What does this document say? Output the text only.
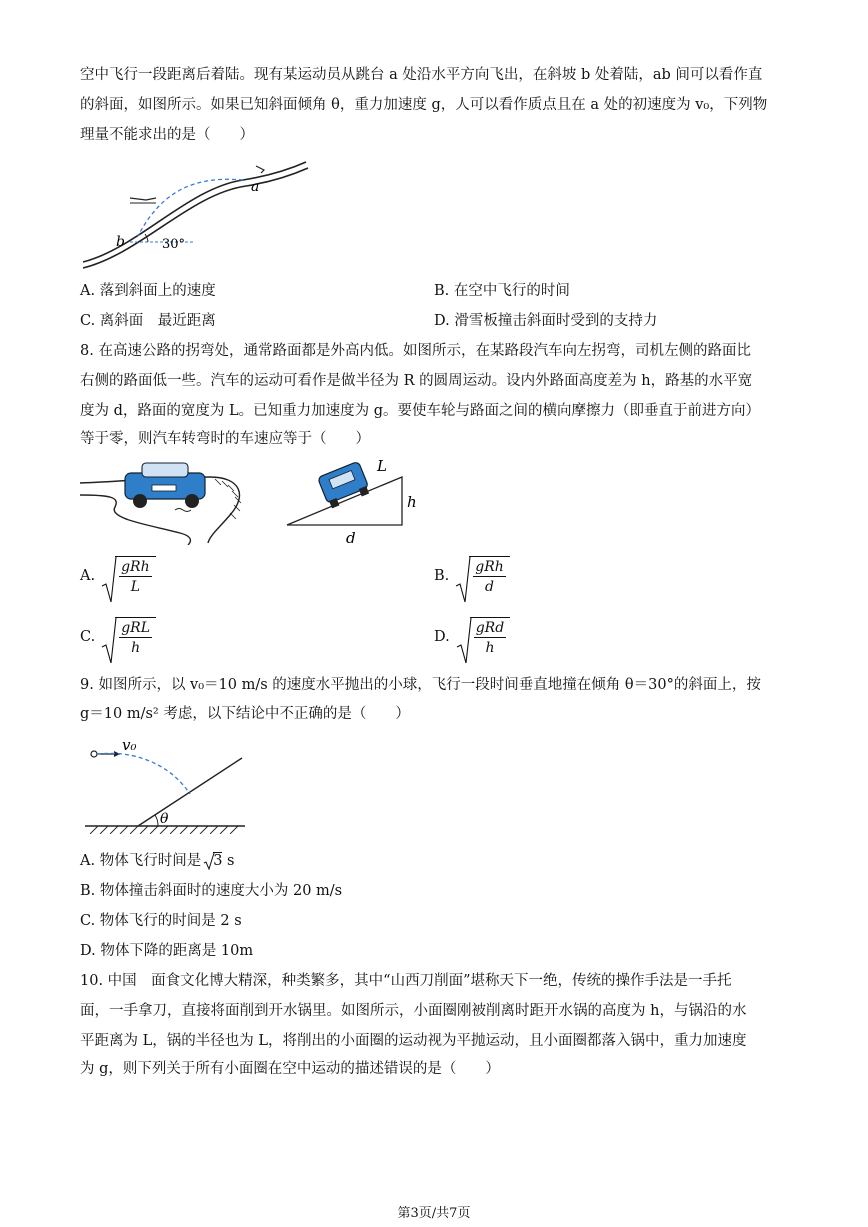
空中飞行一段距离后着陆。现有某运动员从跳台 a 处沿水平方向飞出，在斜坡 b 处着陆，ab 间可以看作直
的斜面，如图所示。如果已知斜面倾角 θ，重力加速度 g，人可以看作质点且在 a 处的初速度为 v₀，下列物
理量不能求出的是（　　）
a
b	30°
A. 落到斜面上的速度	B. 在空中飞行的时间
C. 离斜面　最近距离	D. 滑雪板撞击斜面时受到的支持力
8. 在高速公路的拐弯处，通常路面都是外高内低。如图所示，在某路段汽车向左拐弯，司机左侧的路面比
右侧的路面低一些。汽车的运动可看作是做半径为 R 的圆周运动。设内外路面高度差为 h，路基的水平宽
度为 d，路面的宽度为 L。已知重力加速度为 g。要使车轮与路面之间的横向摩擦力（即垂直于前进方向）
等于零，则汽车转弯时的车速应等于（　　）
L
h
d
A. $\frac{\text{gRh}}{L}$	B. $\frac{\text{gRh}}{d}$
C. $\frac{\text{gRL}}{h}$	D. $\frac{\text{gRd}}{h}$
9. 如图所示，以 v₀＝10 m/s 的速度水平抛出的小球，飞行一段时间垂直地撞在倾角 θ＝30°的斜面上，按
g＝10 m/s² 考虑，以下结论中不正确的是（　　）
v₀
θ
A. 物体飞行时间是 3 s
B. 物体撞击斜面时的速度大小为 20 m/s
C. 物体飞行的时间是 2 s
D. 物体下降的距离是 10m
10. 中国　面食文化博大精深，种类繁多，其中“山西刀削面”堪称天下一绝，传统的操作手法是一手托
面，一手拿刀，直接将面削到开水锅里。如图所示，小面圈刚被削离时距开水锅的高度为 h，与锅沿的水
平距离为 L，锅的半径也为 L，将削出的小面圈的运动视为平抛运动，且小面圈都落入锅中，重力加速度
为 g，则下列关于所有小面圈在空中运动的描述错误的是（　　）
第3页/共7页
